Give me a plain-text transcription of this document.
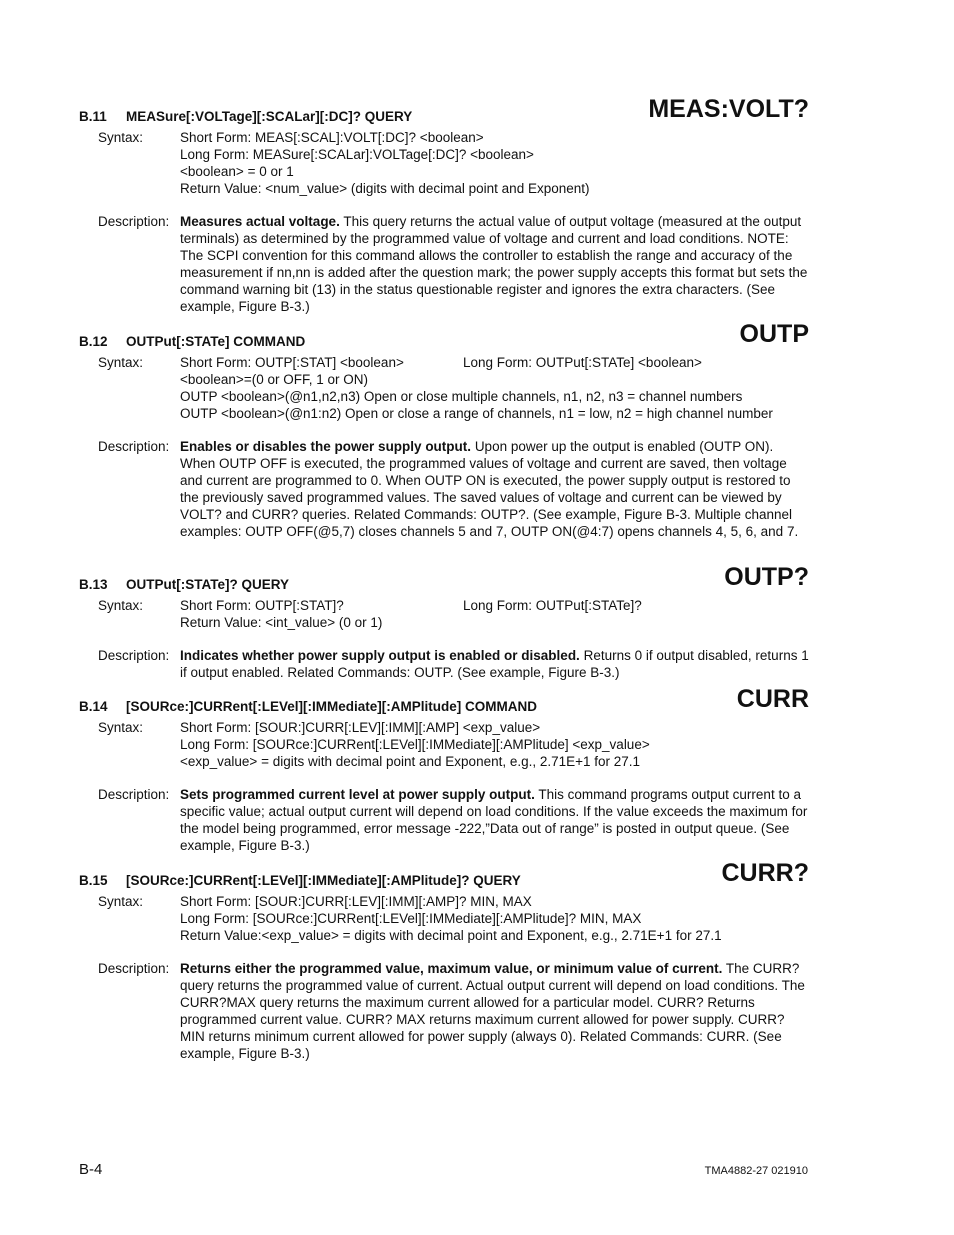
B.11 MEASure[:VOLTage][:SCALar][:DC]? QUERY	MEAS:VOLT?
Syntax:	Short Form: MEAS[:SCAL]:VOLT[:DC]? <boolean>
Long Form: MEASure[:SCALar]:VOLTage[:DC]? <boolean>
<boolean> = 0 or 1
Return Value: <num_value> (digits with decimal point and Exponent)
Description: Measures actual voltage. This query returns the actual value of output voltage (measured at the output terminals) as determined by the programmed value of voltage and current and load conditions. NOTE: The SCPI convention for this command allows the controller to establish the range and accuracy of the measurement if nn,nn is added after the question mark; the power supply accepts this format but sets the command warning bit (13) in the status questionable register and ignores the extra characters. (See example, Figure B-3.)
B.12 OUTPut[:STATe] COMMAND	OUTP
Syntax:	Short Form: OUTP[:STAT] <boolean>	Long Form: OUTPut[:STATe] <boolean>
<boolean>=(0 or OFF, 1 or ON)
OUTP <boolean>(@n1,n2,n3) Open or close multiple channels, n1, n2, n3 = channel numbers
OUTP <boolean>(@n1:n2) Open or close a range of channels, n1 = low, n2 = high channel number
Description: Enables or disables the power supply output. Upon power up the output is enabled (OUTP ON). When OUTP OFF is executed, the programmed values of voltage and current are saved, then voltage and current are programmed to 0. When OUTP ON is executed, the power supply output is restored to the previously saved programmed values. The saved values of voltage and current can be viewed by VOLT? and CURR? queries. Related Commands: OUTP?. (See example, Figure B-3. Multiple channel examples: OUTP OFF(@5,7) closes channels 5 and 7, OUTP ON(@4:7) opens channels 4, 5, 6, and 7.
B.13 OUTPut[:STATe]? QUERY	OUTP?
Syntax:	Short Form: OUTP[:STAT]?	Long Form: OUTPut[:STATe]?
Return Value: <int_value> (0 or 1)
Description: Indicates whether power supply output is enabled or disabled. Returns 0 if output disabled, returns 1 if output enabled. Related Commands: OUTP. (See example, Figure B-3.)
B.14 [SOURce:]CURRent[:LEVel][:IMMediate][:AMPlitude] COMMAND	CURR
Syntax:	Short Form: [SOUR:]CURR[:LEV][:IMM][:AMP] <exp_value>
Long Form: [SOURce:]CURRent[:LEVel][:IMMediate][:AMPlitude] <exp_value>
<exp_value> = digits with decimal point and Exponent, e.g., 2.71E+1 for 27.1
Description: Sets programmed current level at power supply output. This command programs output current to a specific value; actual output current will depend on load conditions. If the value exceeds the maximum for the model being programmed, error message -222,”Data out of range” is posted in output queue. (See example, Figure B-3.)
B.15 [SOURce:]CURRent[:LEVel][:IMMediate][:AMPlitude]? QUERY	CURR?
Syntax:	Short Form: [SOUR:]CURR[:LEV][:IMM][:AMP]? MIN, MAX
Long Form: [SOURce:]CURRent[:LEVel][:IMMediate][:AMPlitude]? MIN, MAX
Return Value:<exp_value> = digits with decimal point and Exponent, e.g., 2.71E+1 for 27.1
Description: Returns either the programmed value, maximum value, or minimum value of current. The CURR? query returns the programmed value of current. Actual output current will depend on load conditions. The CURR?MAX query returns the maximum current allowed for a particular model. CURR? Returns programmed current value. CURR? MAX returns maximum current allowed for power supply. CURR? MIN returns minimum current allowed for power supply (always 0). Related Commands: CURR. (See example, Figure B-3.)
B-4	TMA4882-27 021910
